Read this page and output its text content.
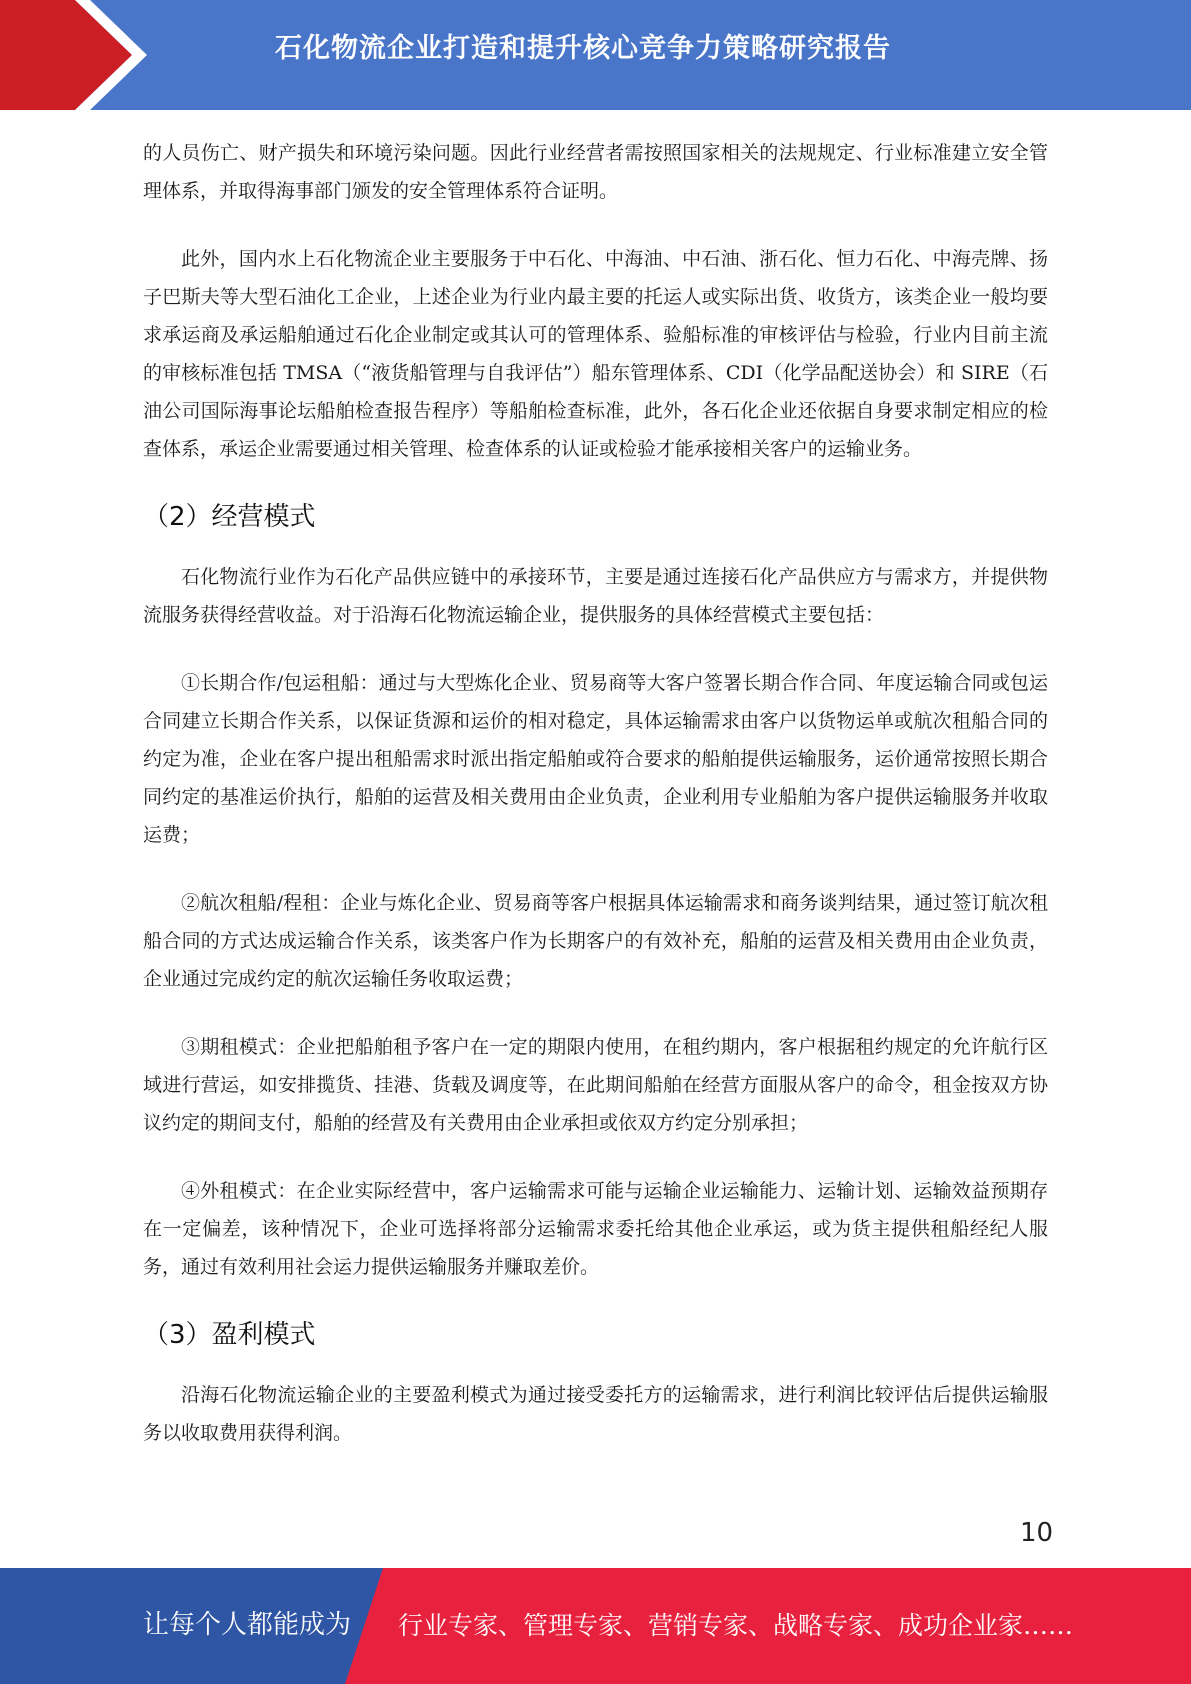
石化物流企业打造和提升核心竞争力策略研究报告

的人员伤亡、财产损失和环境污染问题。因此行业经营者需按照国家相关的法规规定、行业标准建立安全管理体系，并取得海事部门颁发的安全管理体系符合证明。

此外，国内水上石化物流企业主要服务于中石化、中海油、中石油、浙石化、恒力石化、中海壳牌、扬子巴斯夫等大型石油化工企业，上述企业为行业内最主要的托运人或实际出货、收货方，该类企业一般均要求承运商及承运船舶通过石化企业制定或其认可的管理体系、验船标准的审核评估与检验，行业内目前主流的审核标准包括 TMSA（“液货船管理与自我评估”）船东管理体系、CDI（化学品配送协会）和 SIRE（石油公司国际海事论坛船舶检查报告程序）等船舶检查标准，此外，各石化企业还依据自身要求制定相应的检查体系，承运企业需要通过相关管理、检查体系的认证或检验才能承接相关客户的运输业务。

（2）经营模式

石化物流行业作为石化产品供应链中的承接环节，主要是通过连接石化产品供应方与需求方，并提供物流服务获得经营收益。对于沿海石化物流运输企业，提供服务的具体经营模式主要包括：

①长期合作/包运租船：通过与大型炼化企业、贸易商等大客户签署长期合作合同、年度运输合同或包运合同建立长期合作关系，以保证货源和运价的相对稳定，具体运输需求由客户以货物运单或航次租船合同的约定为准，企业在客户提出租船需求时派出指定船舶或符合要求的船舶提供运输服务，运价通常按照长期合同约定的基准运价执行，船舶的运营及相关费用由企业负责，企业利用专业船舶为客户提供运输服务并收取运费；

②航次租船/程租：企业与炼化企业、贸易商等客户根据具体运输需求和商务谈判结果，通过签订航次租船合同的方式达成运输合作关系，该类客户作为长期客户的有效补充，船舶的运营及相关费用由企业负责，企业通过完成约定的航次运输任务收取运费；

③期租模式：企业把船舶租予客户在一定的期限内使用，在租约期内，客户根据租约规定的允许航行区域进行营运，如安排揽货、挂港、货载及调度等，在此期间船舶在经营方面服从客户的命令，租金按双方协议约定的期间支付，船舶的经营及有关费用由企业承担或依双方约定分别承担；

④外租模式：在企业实际经营中，客户运输需求可能与运输企业运输能力、运输计划、运输效益预期存在一定偏差，该种情况下，企业可选择将部分运输需求委托给其他企业承运，或为货主提供租船经纪人服务，通过有效利用社会运力提供运输服务并赚取差价。

（3）盈利模式

沿海石化物流运输企业的主要盈利模式为通过接受委托方的运输需求，进行利润比较评估后提供运输服务以收取费用获得利润。

10
让每个人都能成为 行业专家、管理专家、营销专家、战略专家、成功企业家……
